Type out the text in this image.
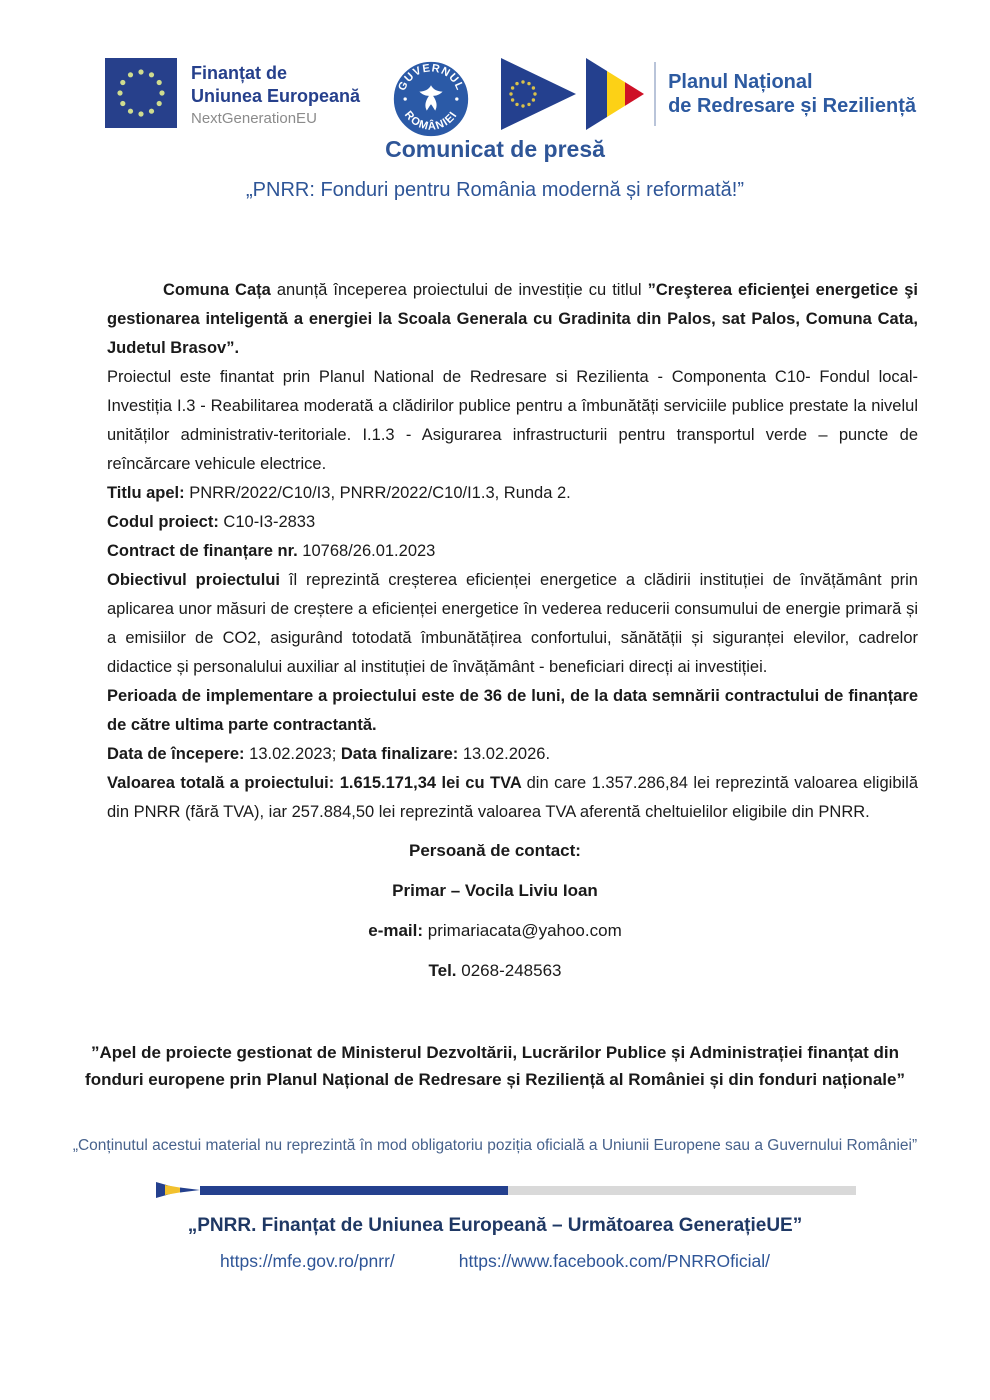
Finanțat de
Uniunea Europeană
NextGenerationEU
GUVERNUL
ROMÂNIEI
Planul Național
de Redresare și Reziliență
Comunicat de presă
„PNRR: Fonduri pentru România modernă și reformată!”

Comuna Cața anunță începerea proiectului de investiție cu titlul ”Creşterea eficienţei energetice şi gestionarea inteligentă a energiei la Scoala Generala cu Gradinita din Palos, sat Palos, Comuna Cata, Judetul Brasov”.

Proiectul este finantat prin Planul National de Redresare si Rezilienta - Componenta C10- Fondul local- Investiția I.3 - Reabilitarea moderată a clădirilor publice pentru a îmbunătăți serviciile publice prestate la nivelul unităților administrativ-teritoriale. I.1.3 - Asigurarea infrastructurii pentru transportul verde – puncte de reîncărcare vehicule electrice.

Titlu apel: PNRR/2022/C10/I3, PNRR/2022/C10/I1.3, Runda 2.

Codul proiect: C10-I3-2833

Contract de finanțare nr. 10768/26.01.2023

Obiectivul proiectului îl reprezintă creșterea eficienței energetice a clădirii instituției de învățământ prin aplicarea unor măsuri de creștere a eficienței energetice în vederea reducerii consumului de energie primară și a emisiilor de CO2, asigurând totodată îmbunătățirea confortului, sănătății și siguranței elevilor, cadrelor didactice și personalului auxiliar al instituției de învățământ - beneficiari direcți ai investiției.

Perioada de implementare a proiectului este de 36 de luni, de la data semnării contractului de finanțare de către ultima parte contractantă.

Data de începere: 13.02.2023; Data finalizare: 13.02.2026.

Valoarea totală a proiectului: 1.615.171,34 lei cu TVA din care 1.357.286,84 lei reprezintă valoarea eligibilă din PNRR (fără TVA), iar 257.884,50 lei reprezintă valoarea TVA aferentă cheltuielilor eligibile din PNRR.

Persoană de contact:
Primar – Vocila Liviu Ioan
e-mail: primariacata@yahoo.com
Tel. 0268-248563
”Apel de proiecte gestionat de Ministerul Dezvoltării, Lucrărilor Publice și Administrației finanțat din fonduri europene prin Planul Național de Redresare și Reziliență al României și din fonduri naționale”
„Conținutul acestui material nu reprezintă în mod obligatoriu poziția oficială a Uniunii Europene sau a Guvernului României”
„PNRR. Finanțat de Uniunea Europeană – Următoarea GenerațieUE”
https://mfe.gov.ro/pnrr/	https://www.facebook.com/PNRROficial/
